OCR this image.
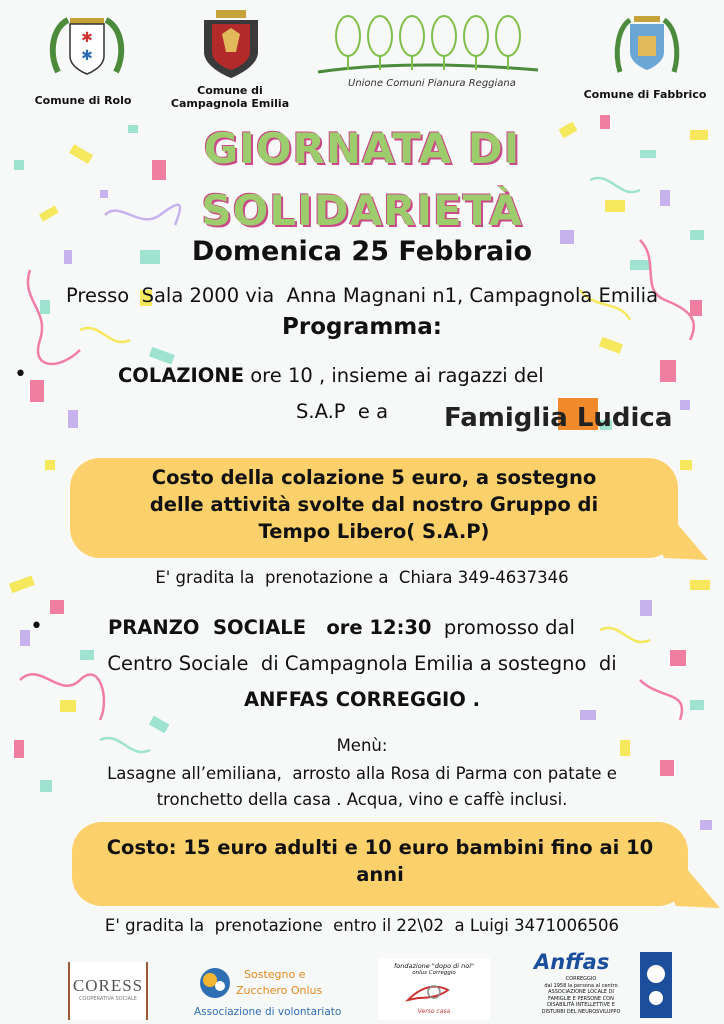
✱
✱
Comune di Rolo
Comune di
Campagnola Emilia
Unione Comuni Pianura Reggiana
Comune di Fabbrico
GIORNATA DI
SOLIDARIETÀ
Domenica 25 Febbraio
Presso  Sala 2000 via  Anna Magnani n1, Campagnola Emilia
Programma:
•	COLAZIONE ore 10 , insieme ai ragazzi del
S.A.P  e a Famiglia Ludica
Costo della colazione 5 euro, a sostegno
delle attività svolte dal nostro Gruppo di
Tempo Libero( S.A.P)
E' gradita la  prenotazione a  Chiara 349-4637346
•	PRANZO  SOCIALE   ore 12:30  promosso dal
Centro Sociale  di Campagnola Emilia a sostegno  di
ANFFAS CORREGGIO .
Menù:
Lasagne all’emiliana,  arrosto alla Rosa di Parma con patate e
tronchetto della casa . Acqua, vino e caffè inclusi.
Costo: 15 euro adulti e 10 euro bambini fino ai 10
anni
E' gradita la  prenotazione  entro il 22\02  a Luigi 3471006506
CORESS
COOPERATIVA SOCIALE
Sostegno e
Zucchero Onlus
Associazione di volontariato
fondazione "dopo di noi"
onlus Correggio
Verso casa
Anffas
CORREGGIO
dal 1958 la persona al centro
ASSOCIAZIONE LOCALE DI
FAMIGLIE E PERSONE CON
DISABILITÀ INTELLETTIVE E
DISTURBI DEL NEUROSVILUPPO
